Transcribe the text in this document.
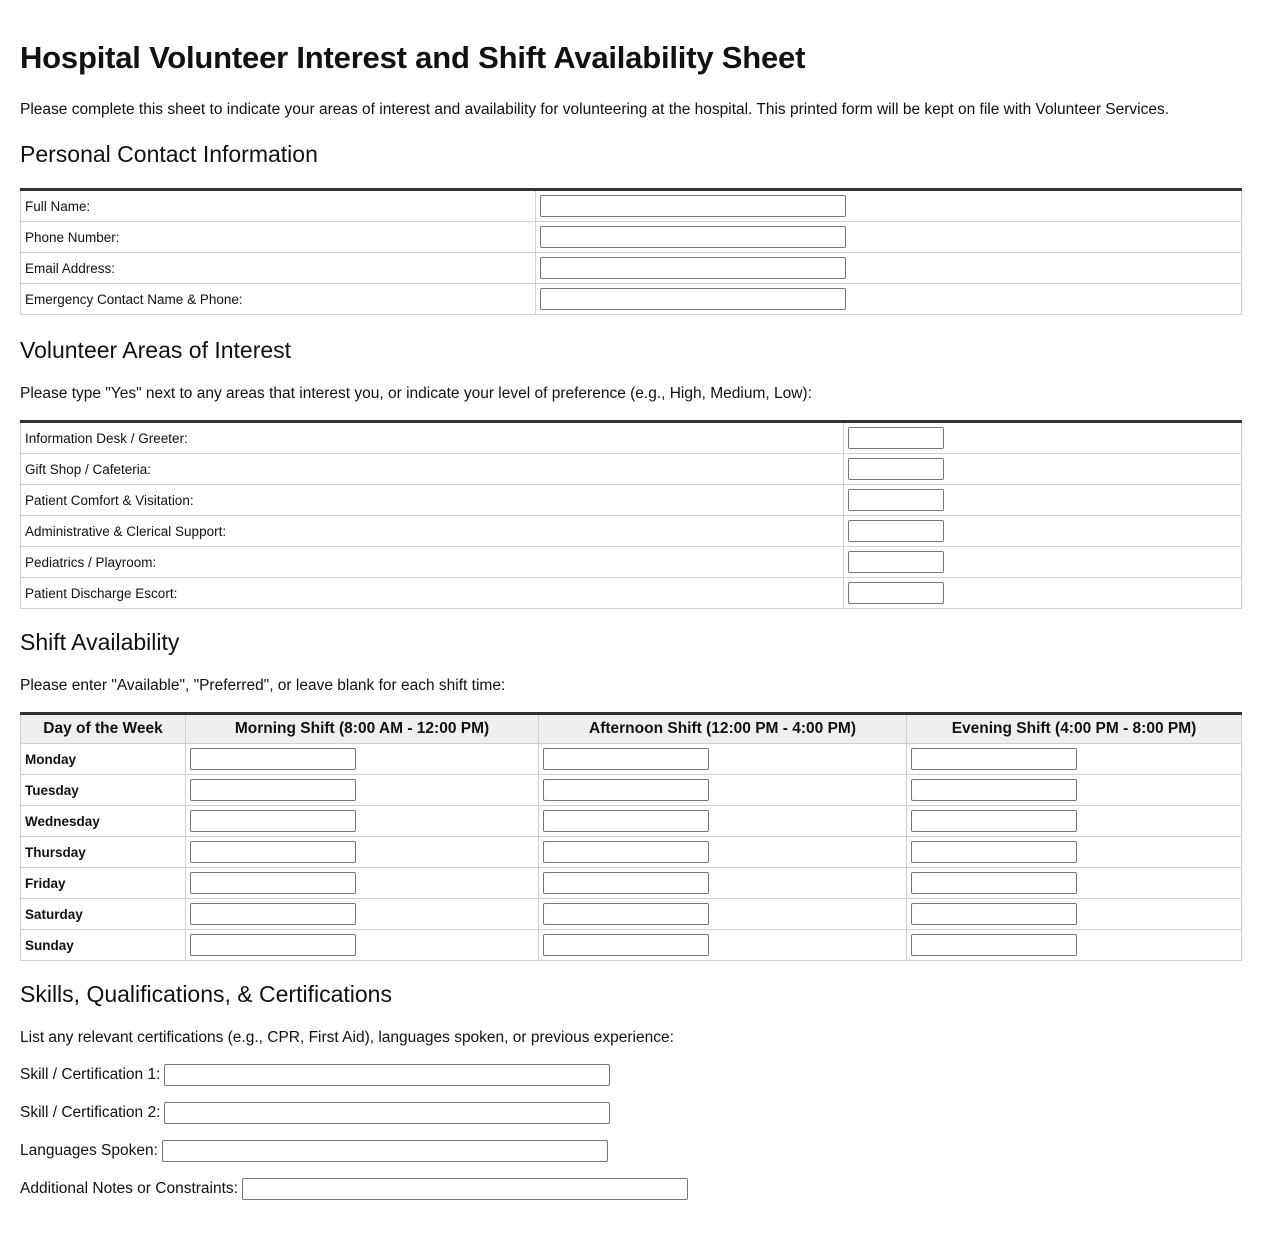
Hospital Volunteer Interest and Shift Availability Sheet

Please complete this sheet to indicate your areas of interest and availability for volunteering at the hospital. This printed form will be kept on file with Volunteer Services.

Personal Contact Information
Full Name:	

Phone Number:	

Email Address:	

Emergency Contact Name & Phone:	
Volunteer Areas of Interest

Please type "Yes" next to any areas that interest you, or indicate your level of preference (e.g., High, Medium, Low):

Information Desk / Greeter:	

Gift Shop / Cafeteria:	

Patient Comfort & Visitation:	

Administrative & Clerical Support:	

Pediatrics / Playroom:	

Patient Discharge Escort:	
Shift Availability

Please enter "Available", "Preferred", or leave blank for each shift time:

Day of the Week	Morning Shift (8:00 AM - 12:00 PM)	Afternoon Shift (12:00 PM - 4:00 PM)	Evening Shift (4:00 PM - 8:00 PM)
Monday	

Tuesday	

Wednesday	

Thursday	

Friday	

Saturday	

Sunday	

Skills, Qualifications, & Certifications

List any relevant certifications (e.g., CPR, First Aid), languages spoken, or previous experience:

Skill / Certification 1:
Skill / Certification 2:
Languages Spoken:
Additional Notes or Constraints:
